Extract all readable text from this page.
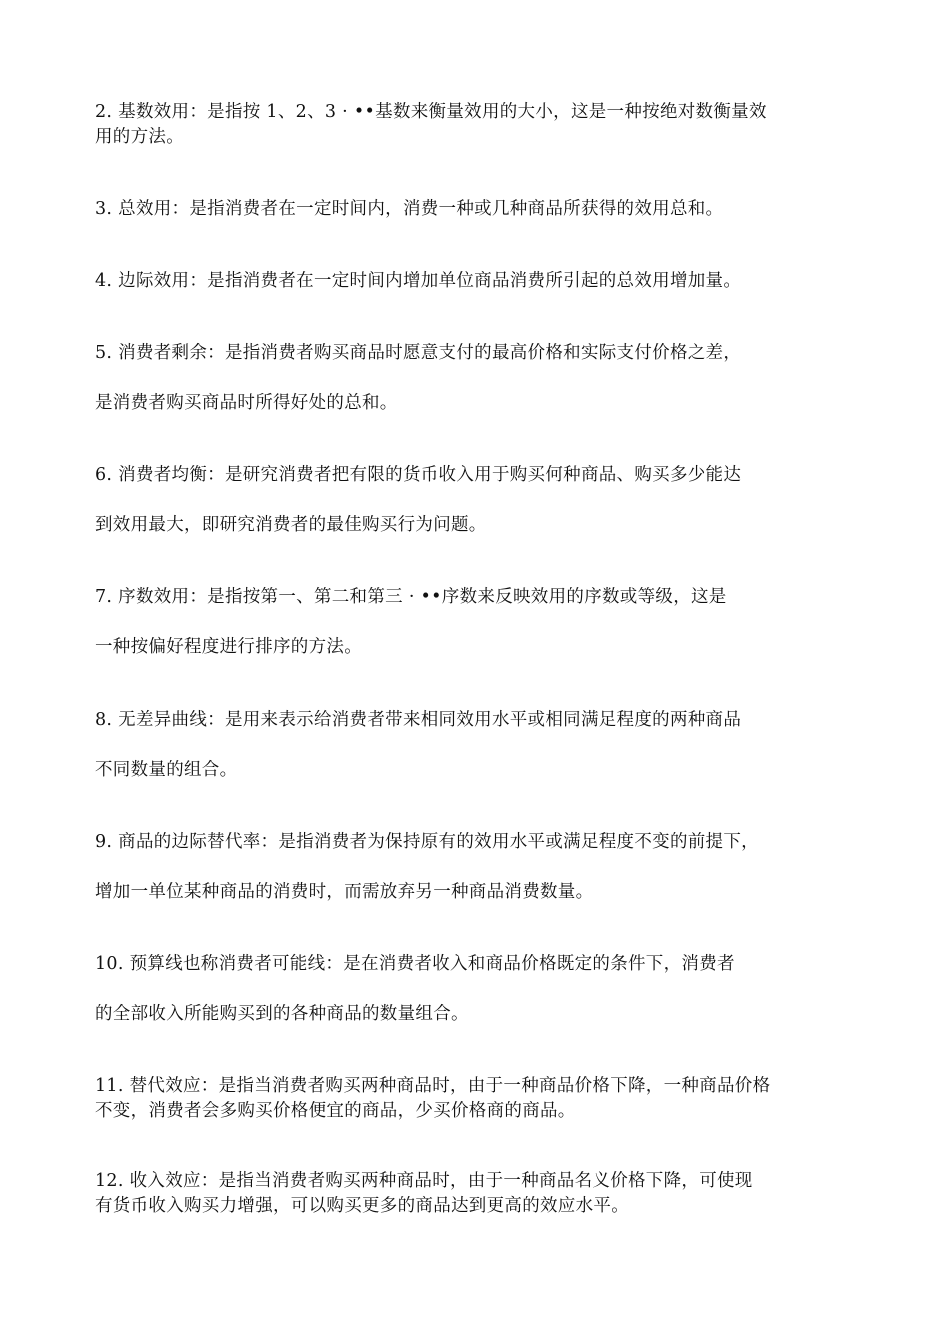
2. 基数效用：是指按 1、2、3 · ••基数来衡量效用的大小，这是一种按绝对数衡量效
用的方法。
3. 总效用：是指消费者在一定时间内，消费一种或几种商品所获得的效用总和。
4. 边际效用：是指消费者在一定时间内增加单位商品消费所引起的总效用增加量。
5. 消费者剩余：是指消费者购买商品时愿意支付的最高价格和实际支付价格之差，
是消费者购买商品时所得好处的总和。
6. 消费者均衡：是研究消费者把有限的货币收入用于购买何种商品、购买多少能达
到效用最大，即研究消费者的最佳购买行为问题。
7. 序数效用：是指按第一、第二和第三 · ••序数来反映效用的序数或等级，这是
一种按偏好程度进行排序的方法。
8. 无差异曲线：是用来表示给消费者带来相同效用水平或相同满足程度的两种商品
不同数量的组合。
9. 商品的边际替代率：是指消费者为保持原有的效用水平或满足程度不变的前提下，
增加一单位某种商品的消费时，而需放弃另一种商品消费数量。
10. 预算线也称消费者可能线：是在消费者收入和商品价格既定的条件下，消费者
的全部收入所能购买到的各种商品的数量组合。
11. 替代效应：是指当消费者购买两种商品时，由于一种商品价格下降，一种商品价格
不变，消费者会多购买价格便宜的商品，少买价格商的商品。
12. 收入效应：是指当消费者购买两种商品时，由于一种商品名义价格下降，可使现
有货币收入购买力增强，可以购买更多的商品达到更高的效应水平。
